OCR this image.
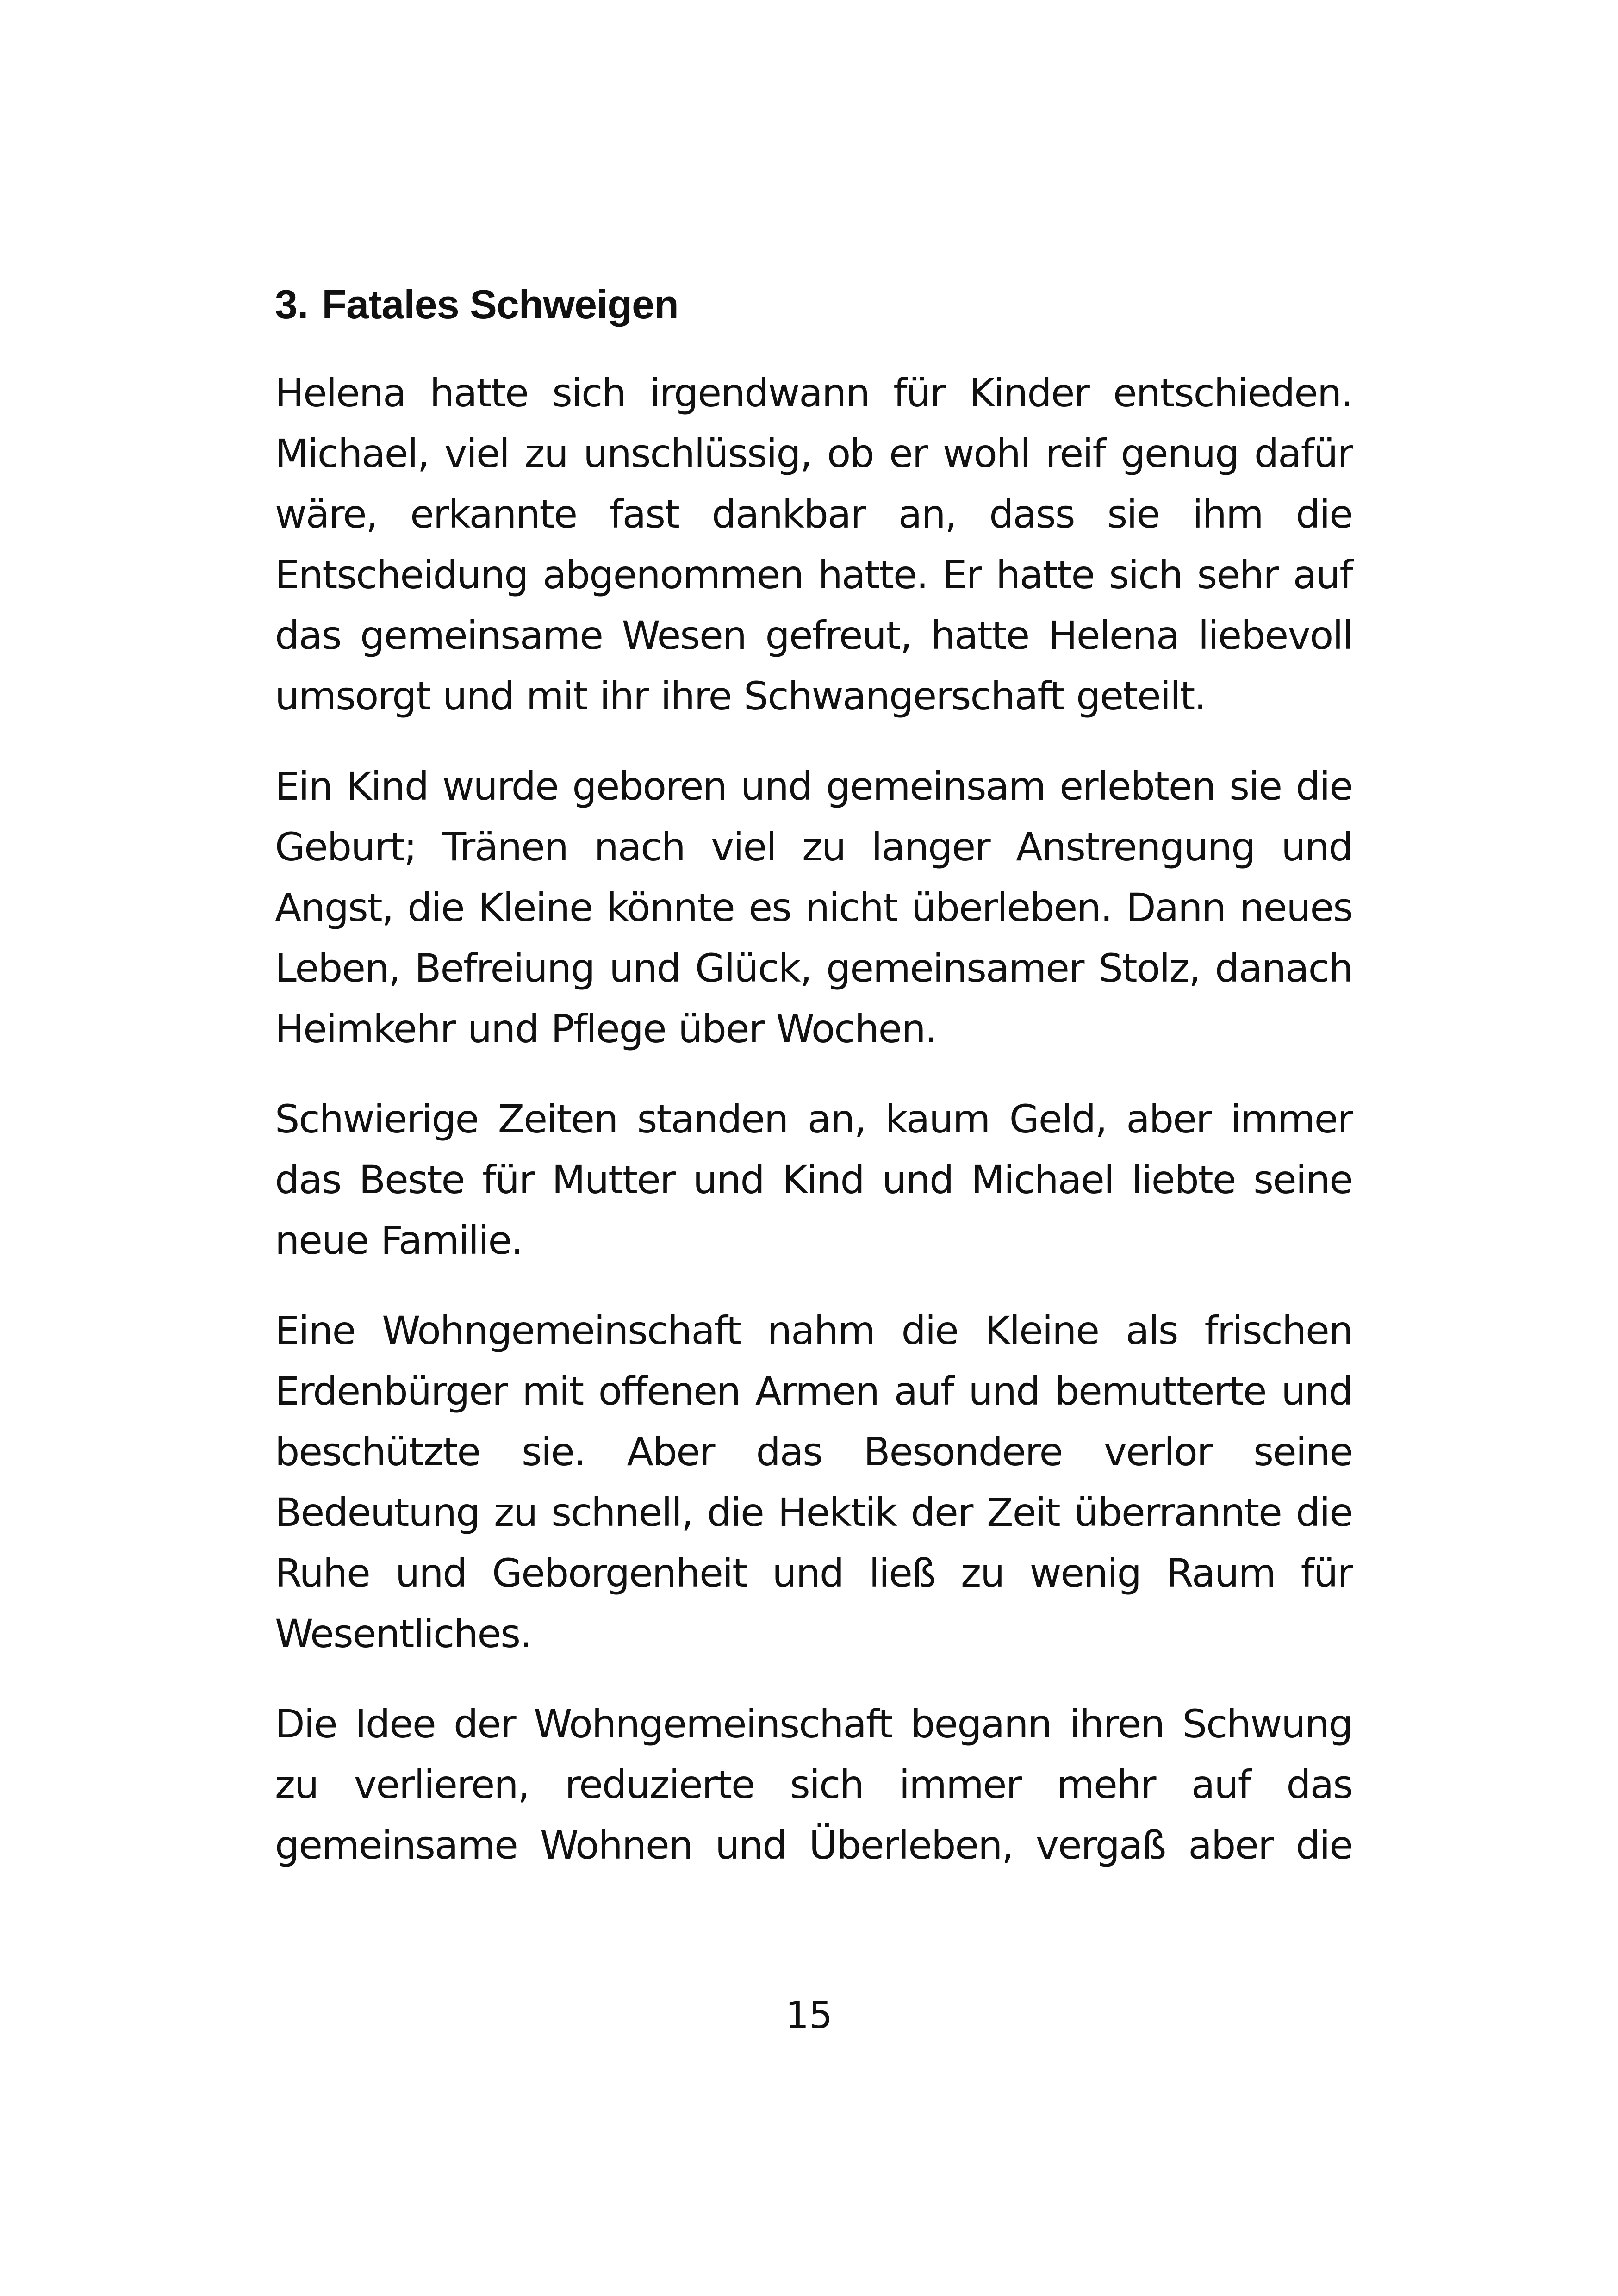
3. Fatales Schweigen

Helena hatte sich irgendwann für Kinder entschieden. Michael, viel zu unschlüssig, ob er wohl reif genug dafür wäre, erkannte fast dankbar an, dass sie ihm die Entscheidung abgenommen hatte. Er hatte sich sehr auf das gemeinsame Wesen gefreut, hatte Helena liebevoll umsorgt und mit ihr ihre Schwangerschaft geteilt.

Ein Kind wurde geboren und gemeinsam erlebten sie die Geburt; Tränen nach viel zu langer Anstrengung und Angst, die Kleine könnte es nicht überleben. Dann neues Leben, Befreiung und Glück, gemeinsamer Stolz, danach Heimkehr und Pflege über Wochen.

Schwierige Zeiten standen an, kaum Geld, aber immer das Beste für Mutter und Kind und Michael liebte seine neue Familie.

Eine Wohngemeinschaft nahm die Kleine als frischen Erdenbürger mit offenen Armen auf und bemutterte und beschützte sie. Aber das Besondere verlor seine Bedeutung zu schnell, die Hektik der Zeit überrannte die Ruhe und Geborgenheit und ließ zu wenig Raum für Wesentliches.

Die Idee der Wohngemeinschaft begann ihren Schwung zu verlieren, reduzierte sich immer mehr auf das gemeinsame Wohnen und Überleben, vergaß aber die

15
